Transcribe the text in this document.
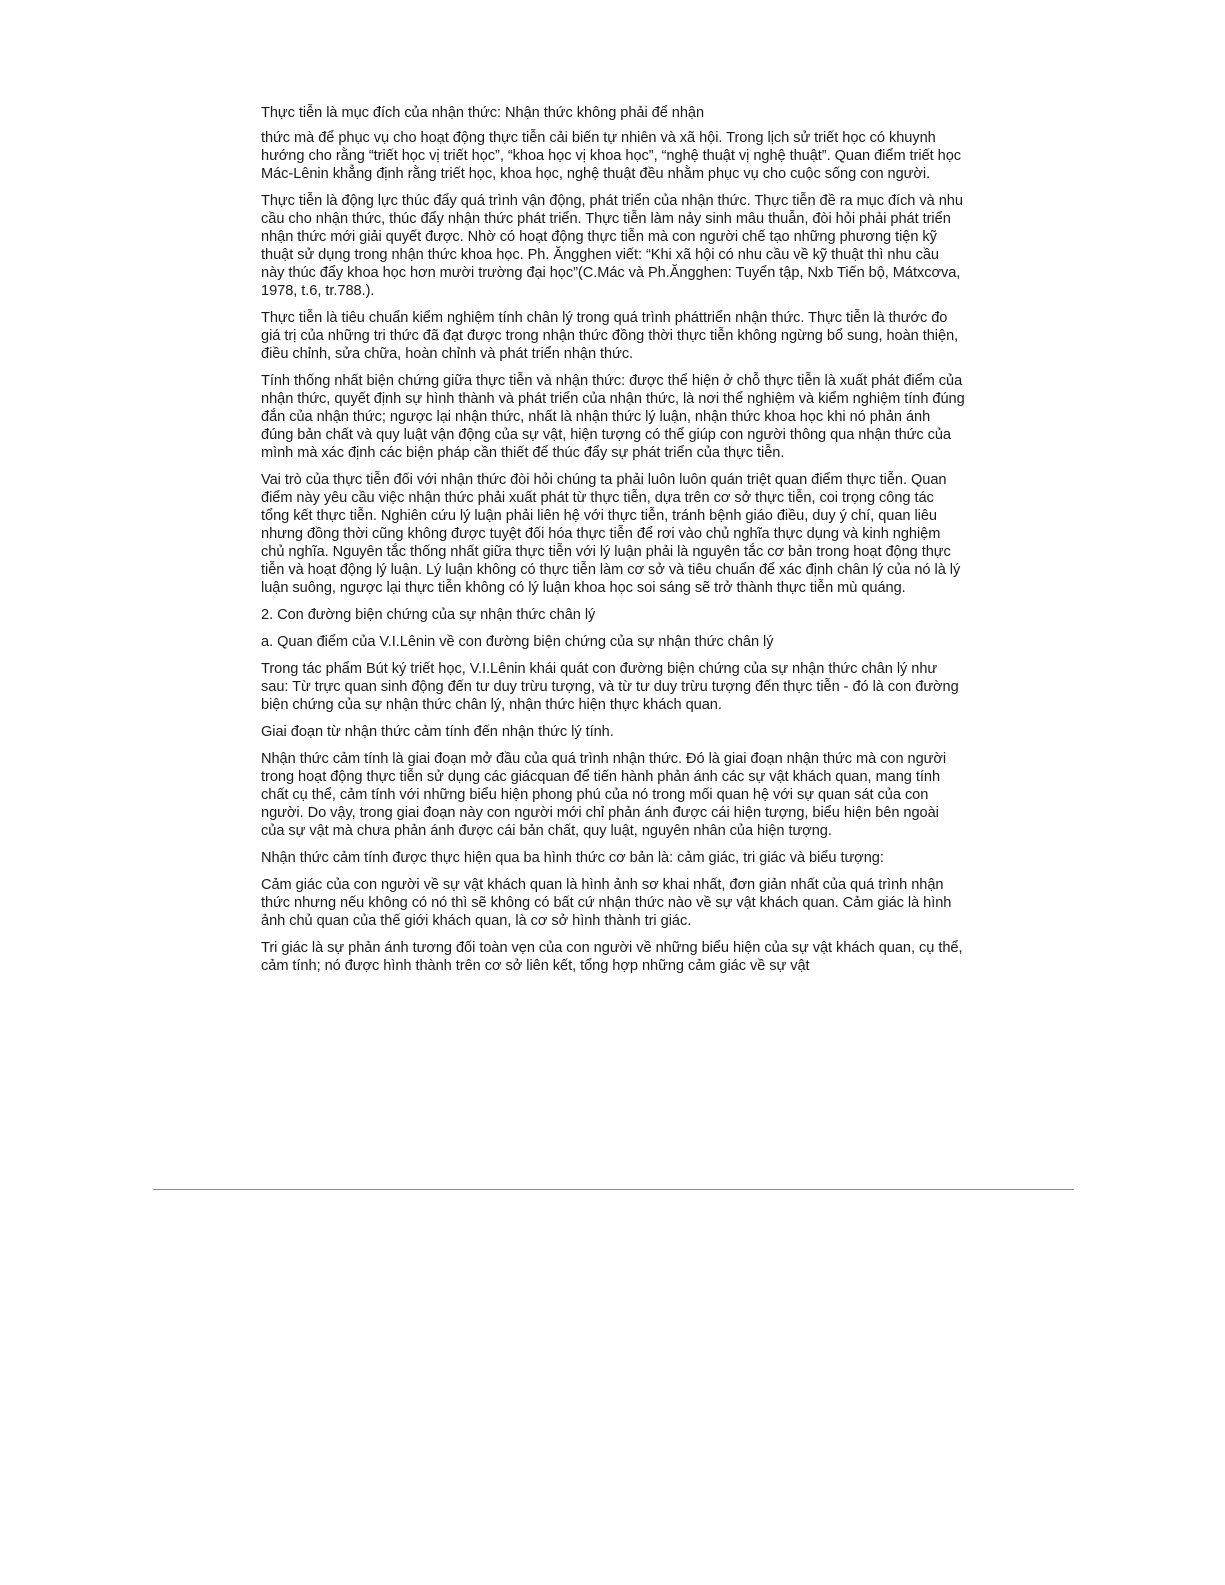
Thực tiễn là mục đích của nhận thức: Nhận thức không phải để nhận

thức mà để phục vụ cho hoạt động thực tiễn cải biến tự nhiên và xã hội. Trong lịch sử triết học có khuynh hướng cho rằng “triết học vị triết học”, “khoa học vị khoa học”, “nghệ thuật vị nghệ thuật”. Quan điểm triết học Mác-Lênin khẳng định rằng triết học, khoa học, nghệ thuật đều nhằm phục vụ cho cuộc sống con người.

Thực tiễn là động lực thúc đẩy quá trình vận động, phát triển của nhận thức. Thực tiễn đề ra mục đích và nhu cầu cho nhận thức, thúc đẩy nhận thức phát triển. Thực tiễn làm nảy sinh mâu thuẫn, đòi hỏi phải phát triển nhận thức mới giải quyết được. Nhờ có hoạt động thực tiễn mà con người chế tạo những phương tiện kỹ thuật sử dụng trong nhận thức khoa học. Ph. Ăngghen viết: “Khi xã hội có nhu cầu về kỹ thuật thì nhu cầu này thúc đẩy khoa học hơn mười trường đại học”(C.Mác và Ph.Ăngghen: Tuyển tập, Nxb Tiến bộ, Mátxcơva, 1978, t.6, tr.788.).

Thực tiễn là tiêu chuẩn kiểm nghiệm tính chân lý trong quá trình pháttriển nhận thức. Thực tiễn là thước đo giá trị của những tri thức đã đạt được trong nhận thức đồng thời thực tiễn không ngừng bổ sung, hoàn thiện, điều chỉnh, sửa chữa, hoàn chỉnh và phát triển nhận thức.

Tính thống nhất biện chứng giữa thực tiễn và nhận thức: được thể hiện ở chỗ thực tiễn là xuất phát điểm của nhận thức, quyết định sự hình thành và phát triển của nhận thức, là nơi thể nghiệm và kiểm nghiệm tính đúng đắn của nhận thức; ngược lại nhận thức, nhất là nhận thức lý luận, nhận thức khoa học khi nó phản ánh đúng bản chất và quy luật vận động của sự vật, hiện tượng có thể giúp con người thông qua nhận thức của mình mà xác định các biện pháp cần thiết để thúc đẩy sự phát triển của thực tiễn.

Vai trò của thực tiễn đối với nhận thức đòi hỏi chúng ta phải luôn luôn quán triệt quan điểm thực tiễn. Quan điểm này yêu cầu việc nhận thức phải xuất phát từ thực tiễn, dựa trên cơ sở thực tiễn, coi trọng công tác tổng kết thực tiễn. Nghiên cứu lý luận phải liên hệ với thực tiễn, tránh bệnh giáo điều, duy ý chí, quan liêu nhưng đồng thời cũng không được tuyệt đối hóa thực tiễn để rơi vào chủ nghĩa thực dụng và kinh nghiệm chủ nghĩa. Nguyên tắc thống nhất giữa thực tiễn với lý luận phải là nguyên tắc cơ bản trong hoạt động thực tiễn và hoạt động lý luận. Lý luận không có thực tiễn làm cơ sở và tiêu chuẩn để xác định chân lý của nó là lý luận suông, ngược lại thực tiễn không có lý luận khoa học soi sáng sẽ trở thành thực tiễn mù quáng.

2. Con đường biện chứng của sự nhận thức chân lý

a. Quan điểm của V.I.Lênin về con đường biện chứng của sự nhận thức chân lý

Trong tác phẩm Bút ký triết học, V.I.Lênin khái quát con đường biện chứng của sự nhận thức chân lý như sau: Từ trực quan sinh động đến tư duy trừu tượng, và từ tư duy trừu tượng đến thực tiễn - đó là con đường biện chứng của sự nhận thức chân lý, nhận thức hiện thực khách quan.

Giai đoạn từ nhận thức cảm tính đến nhận thức lý tính.

Nhận thức cảm tính là giai đoạn mở đầu của quá trình nhận thức. Đó là giai đoạn nhận thức mà con người trong hoạt động thực tiễn sử dụng các giácquan để tiến hành phản ánh các sự vật khách quan, mang tính chất cụ thể, cảm tính với những biểu hiện phong phú của nó trong mối quan hệ với sự quan sát của con người. Do vậy, trong giai đoạn này con người mới chỉ phản ánh được cái hiện tượng, biểu hiện bên ngoài của sự vật mà chưa phản ánh được cái bản chất, quy luật, nguyên nhân của hiện tượng.

Nhận thức cảm tính được thực hiện qua ba hình thức cơ bản là: cảm giác, tri giác và biểu tượng:

Cảm giác của con người về sự vật khách quan là hình ảnh sơ khai nhất, đơn giản nhất của quá trình nhận thức nhưng nếu không có nó thì sẽ không có bất cứ nhận thức nào về sự vật khách quan. Cảm giác là hình ảnh chủ quan của thế giới khách quan, là cơ sở hình thành tri giác.

Tri giác là sự phản ánh tương đối toàn vẹn của con người về những biểu hiện của sự vật khách quan, cụ thể, cảm tính; nó được hình thành trên cơ sở liên kết, tổng hợp những cảm giác về sự vật
